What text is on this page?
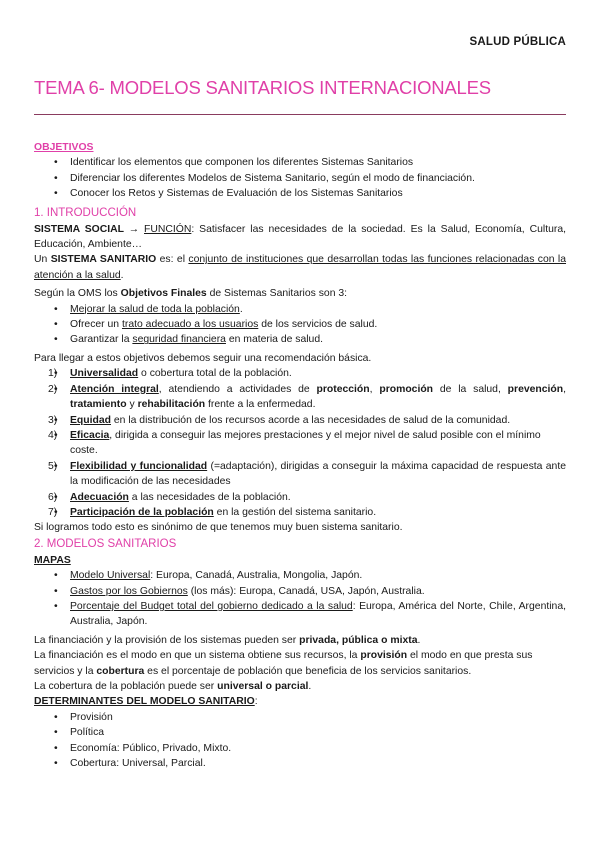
SALUD PÚBLICA
TEMA 6- MODELOS SANITARIOS INTERNACIONALES

OBJETIVOS

• Identificar los elementos que componen los diferentes Sistemas Sanitarios
• Diferenciar los diferentes Modelos de Sistema Sanitario, según el modo de financiación.
• Conocer los Retos y Sistemas de Evaluación de los Sistemas Sanitarios

1. INTRODUCCIÓN

SISTEMA SOCIAL → FUNCIÓN: Satisfacer las necesidades de la sociedad. Es la Salud, Economía, Cultura, Educación, Ambiente…

Un SISTEMA SANITARIO es: el conjunto de instituciones que desarrollan todas las funciones relacionadas con la atención a la salud.

Según la OMS los Objetivos Finales de Sistemas Sanitarios son 3:

• Mejorar la salud de toda la población.
• Ofrecer un trato adecuado a los usuarios de los servicios de salud.
• Garantizar la seguridad financiera en materia de salud.

Para llegar a estos objetivos debemos seguir una recomendación básica.

• 1) Universalidad o cobertura total de la población.
• 2) Atención integral, atendiendo a actividades de protección, promoción de la salud, prevención, tratamiento y rehabilitación frente a la enfermedad.
• 3) Equidad en la distribución de los recursos acorde a las necesidades de salud de la comunidad.
• 4) Eficacia, dirigida a conseguir las mejores prestaciones y el mejor nivel de salud posible con el mínimo coste.
• 5) Flexibilidad y funcionalidad (=adaptación), dirigidas a conseguir la máxima capacidad de respuesta ante la modificación de las necesidades
• 6) Adecuación a las necesidades de la población.
• 7) Participación de la población en la gestión del sistema sanitario.

Si logramos todo esto es sinónimo de que tenemos muy buen sistema sanitario.

2. MODELOS SANITARIOS

MAPAS

• Modelo Universal: Europa, Canadá, Australia, Mongolia, Japón.
• Gastos por los Gobiernos (los más): Europa, Canadá, USA, Japón, Australia.
• Porcentaje del Budget total del gobierno dedicado a la salud: Europa, América del Norte, Chile, Argentina, Australia, Japón.

La financiación y la provisión de los sistemas pueden ser privada, pública o mixta.

La financiación es el modo en que un sistema obtiene sus recursos, la provisión el modo en que presta sus servicios y la cobertura es el porcentaje de población que beneficia de los servicios sanitarios.

La cobertura de la población puede ser universal o parcial.

DETERMINANTES DEL MODELO SANITARIO:

• Provisión
• Política
• Economía: Público, Privado, Mixto.
• Cobertura: Universal, Parcial.
